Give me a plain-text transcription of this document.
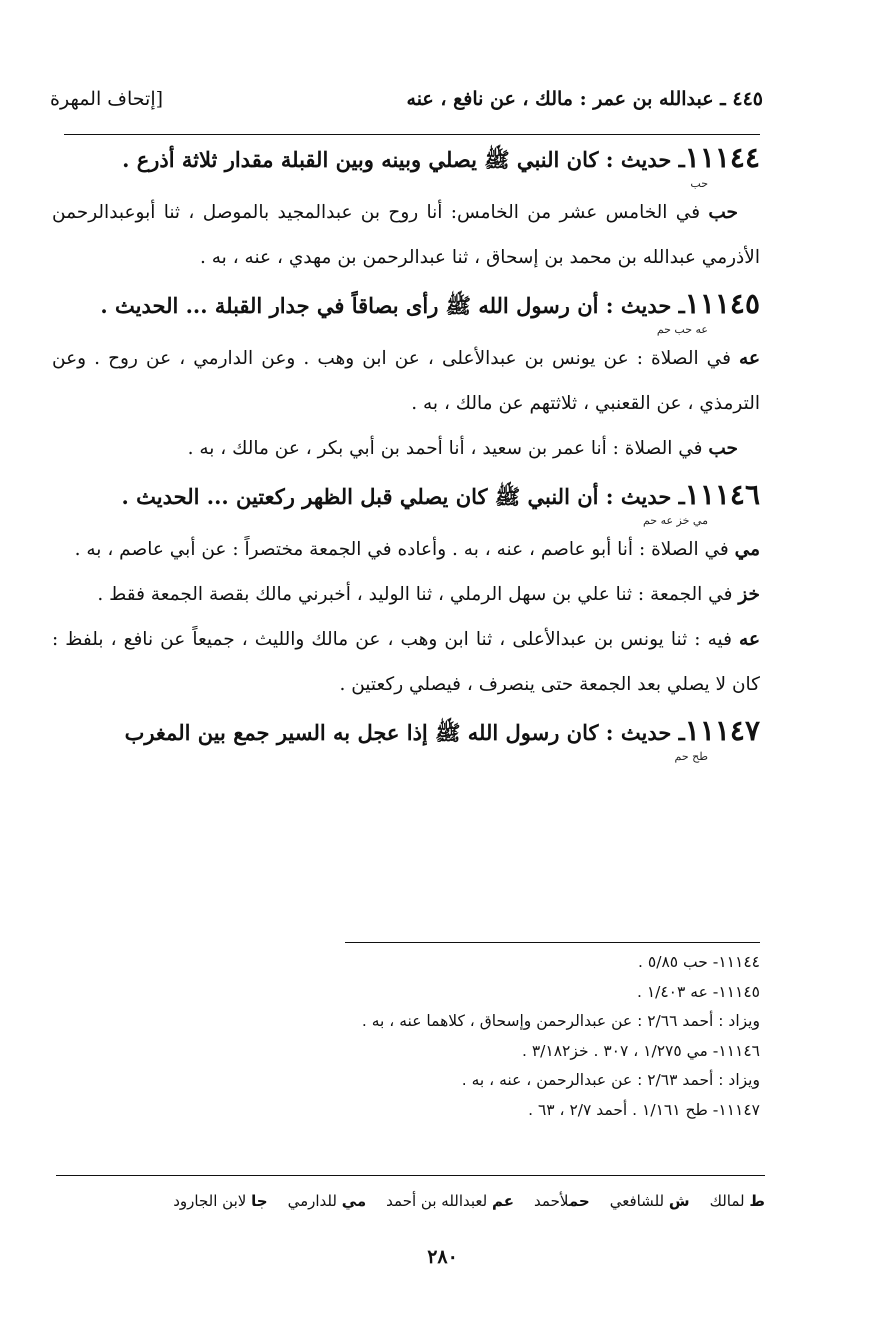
٤٤٥ ـ عبدالله بن عمر : مالك ، عن نافع ، عنه
[إتحاف المهرة
١١١٤٤ـ حديث : كان النبي ﷺ يصلي وبينه وبين القبلة مقدار ثلاثة أذرع .
حب
حب في الخامس عشر من الخامس: أنا روح بن عبدالمجيد بالموصل ، ثنا أبوعبدالرحمن الأذرمي عبدالله بن محمد بن إسحاق ، ثنا عبدالرحمن بن مهدي ، عنه ، به .
١١١٤٥ـ حديث : أن رسول الله ﷺ رأى بصاقاً في جدار القبلة ... الحديث .
عه حب حم
عه في الصلاة : عن يونس بن عبدالأعلى ، عن ابن وهب . وعن الدارمي ، عن روح . وعن الترمذي ، عن القعنبي ، ثلاثتهم عن مالك ، به .
حب في الصلاة : أنا عمر بن سعيد ، أنا أحمد بن أبي بكر ، عن مالك ، به .
١١١٤٦ـ حديث : أن النبي ﷺ كان يصلي قبل الظهر ركعتين ... الحديث .
مي خز عه حم
مي في الصلاة : أنا أبو عاصم ، عنه ، به . وأعاده في الجمعة مختصراً : عن أبي عاصم ، به .
خز في الجمعة : ثنا علي بن سهل الرملي ، ثنا الوليد ، أخبرني مالك بقصة الجمعة فقط .
عه فيه : ثنا يونس بن عبدالأعلى ، ثنا ابن وهب ، عن مالك والليث ، جميعاً عن نافع ، بلفظ : كان لا يصلي بعد الجمعة حتى ينصرف ، فيصلي ركعتين .
١١١٤٧ـ حديث : كان رسول الله ﷺ إذا عجل به السير جمع بين المغرب
طح حم
١١١٤٤- حب ٥/٨٥ .
١١١٤٥- عه ١/٤٠٣ .
ويزاد : أحمد ٢/٦٦ : عن عبدالرحمن وإسحاق ، كلاهما عنه ، به .
١١١٤٦- مي ١/٢٧٥ ، ٣٠٧ . خز٣/١٨٢ .
ويزاد : أحمد ٢/٦٣ : عن عبدالرحمن ، عنه ، به .
١١١٤٧- طح ١/١٦١ . أحمد ٢/٧ ، ٦٣ .
ط لمالك
ش للشافعي
حملأحمد
عم لعبدالله بن أحمد
مي للدارمي
جا لابن الجارود
٢٨٠
